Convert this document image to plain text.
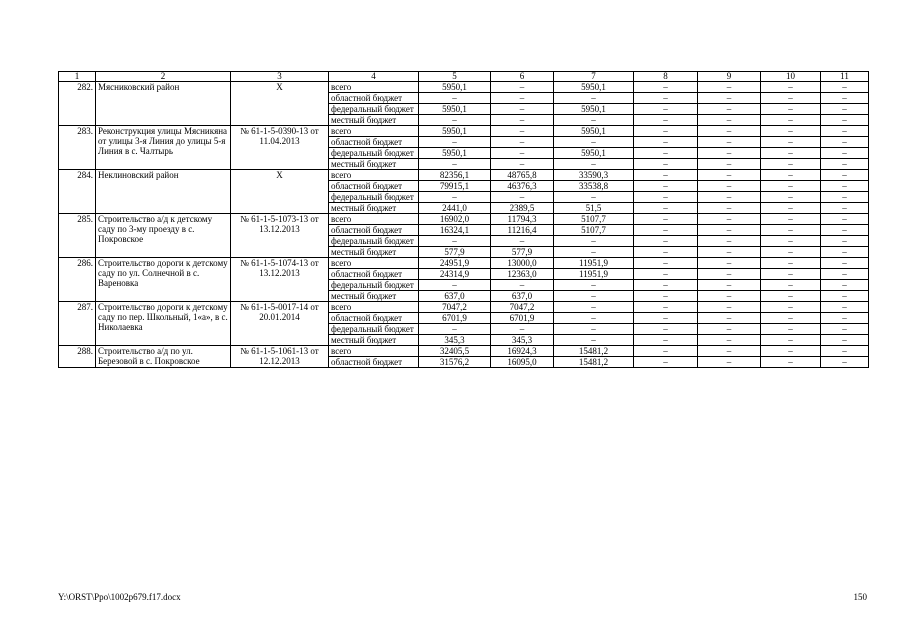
1	2	3	4	5	6	7	8	9	10	11
282.	Мясниковский район	X	всего	5950,1	–	5950,1	–	–	–	–
			областной бюджет	–	–	–	–	–	–	–
			федеральный бюджет	5950,1	–	5950,1	–	–	–	–
			местный бюджет	–	–	–	–	–	–	–
283.	Реконструкция улицы Мясникяна от улицы 3-я Линия до улицы 5-я Линия в с. Чалтырь	№ 61-1-5-0390-13 от 11.04.2013	всего	5950,1	–	5950,1	–	–	–	–
			областной бюджет	–	–	–	–	–	–	–
			федеральный бюджет	5950,1	–	5950,1	–	–	–	–
			местный бюджет	–	–	–	–	–	–	–
284.	Неклиновский район	X	всего	82356,1	48765,8	33590,3	–	–	–	–
			областной бюджет	79915,1	46376,3	33538,8	–	–	–	–
			федеральный бюджет	–	–	–	–	–	–	–
			местный бюджет	2441,0	2389,5	51,5	–	–	–	–
285.	Строительство а/д к детскому саду по 3-му проезду в с. Покровское	№ 61-1-5-1073-13 от 13.12.2013	всего	16902,0	11794,3	5107,7	–	–	–	–
			областной бюджет	16324,1	11216,4	5107,7	–	–	–	–
			федеральный бюджет	–	–	–	–	–	–	–
			местный бюджет	577,9	577,9	–	–	–	–	–
286.	Строительство дороги к детскому саду по ул. Солнечной в с. Вареновка	№ 61-1-5-1074-13 от 13.12.2013	всего	24951,9	13000,0	11951,9	–	–	–	–
			областной бюджет	24314,9	12363,0	11951,9	–	–	–	–
			федеральный бюджет	–	–	–	–	–	–	–
			местный бюджет	637,0	637,0	–	–	–	–	–
287.	Строительство дороги к детскому саду по пер. Школьный, 1«а», в с. Николаевка	№ 61-1-5-0017-14 от 20.01.2014	всего	7047,2	7047,2	–	–	–	–	–
			областной бюджет	6701,9	6701,9	–	–	–	–	–
			федеральный бюджет	–	–	–	–	–	–	–
			местный бюджет	345,3	345,3	–	–	–	–	–
288.	Строительство а/д по ул. Березовой в с. Покровское	№ 61-1-5-1061-13 от 12.12.2013	всего	32405,5	16924,3	15481,2	–	–	–	–
			областной бюджет	31576,2	16095,0	15481,2	–	–	–	–
Y:\ORST\Ppo\1002p679.f17.docx	150
